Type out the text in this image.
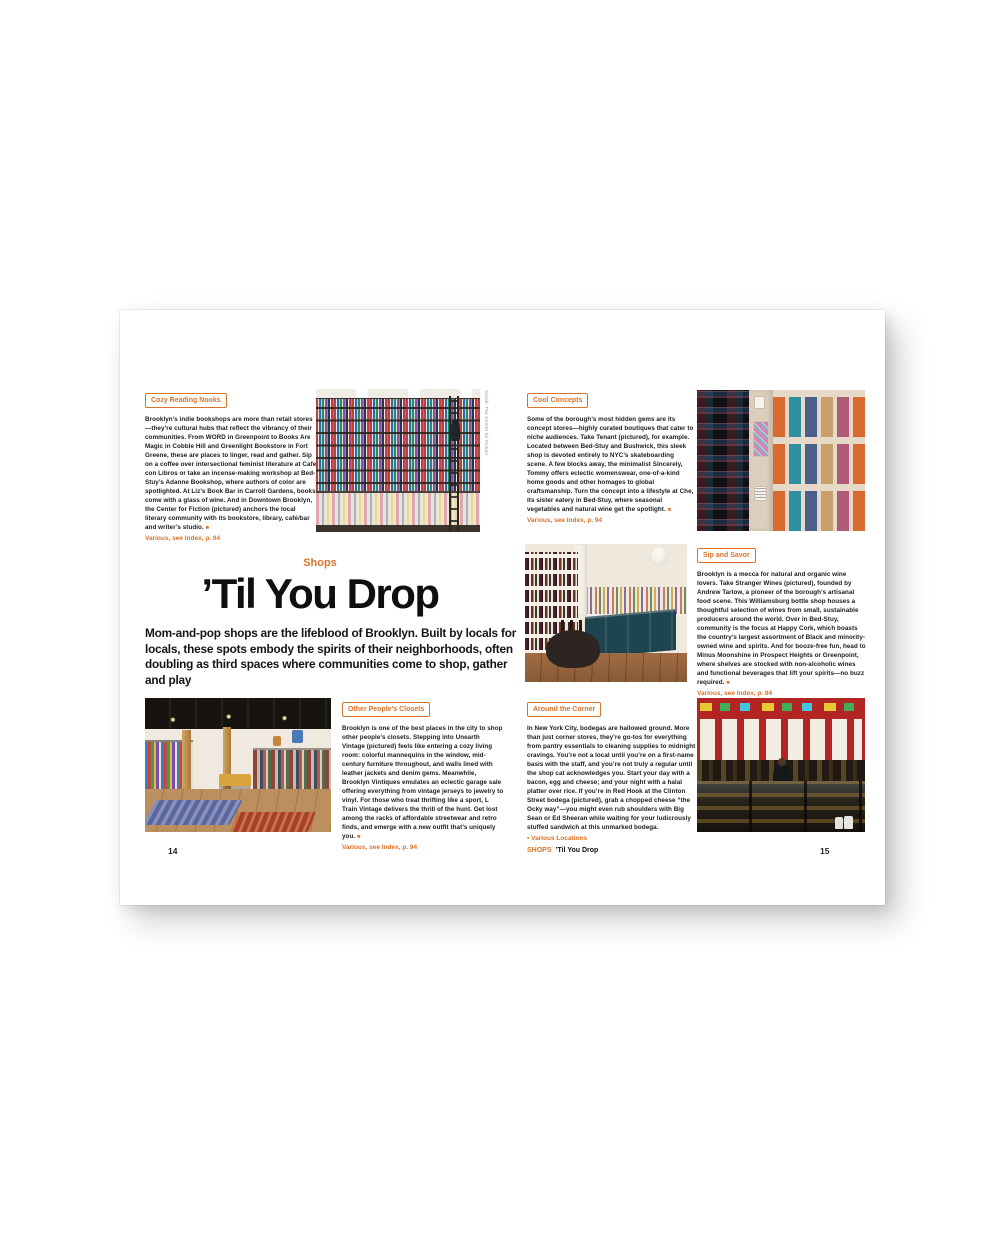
Cozy Reading Nooks

Brooklyn’s indie bookshops are more than retail stores—they’re cultural hubs that reflect the vibrancy of their communities. From WORD in Greenpoint to Books Are Magic in Cobble Hill and Greenlight Bookstore in Fort Greene, these are places to linger, read and gather. Sip on a coffee over intersectional feminist literature at Cafe con Libros or take an incense-making workshop at Bed-Stuy’s Adanne Bookshop, where authors of color are spotlighted. At Liz’s Book Bar in Carroll Gardens, books come with a glass of wine. And in Downtown Brooklyn, the Center for Fiction (pictured) anchors the local literary community with its bookstore, library, café/bar and writer’s studio. ■

Various, see Index, p. 94
Credit: The Center for Fiction
Shops
’Til You Drop

Mom-and-pop shops are the lifeblood of Brooklyn. Built by locals for locals, these spots embody the spirits of their neighborhoods, often doubling as third spaces where communities come to shop, gather and play

Other People's Closets

Brooklyn is one of the best places in the city to shop other people’s closets. Stepping into Unearth Vintage (pictured) feels like entering a cozy living room: colorful mannequins in the window, mid-century furniture throughout, and walls lined with leather jackets and denim gems. Meanwhile, Brooklyn Vintiques emulates an eclectic garage sale offering everything from vintage jerseys to jewelry to vinyl. For those who treat thrifting like a sport, L Train Vintage delivers the thrill of the hunt. Get lost among the racks of affordable streetwear and retro finds, and emerge with a new outfit that’s uniquely you. ■

Various, see Index, p. 94
Cool Concepts

Some of the borough’s most hidden gems are its concept stores—highly curated boutiques that cater to niche audiences. Take Tenant (pictured), for example. Located between Bed-Stuy and Bushwick, this sleek shop is devoted entirely to NYC’s skateboarding scene. A few blocks away, the minimalist Sincerely, Tommy offers eclectic womenswear, one-of-a-kind home goods and other homages to global craftsmanship. Turn the concept into a lifestyle at Che, its sister eatery in Bed-Stuy, where seasonal vegetables and natural wine get the spotlight. ■

Various, see Index, p. 94
Sip and Savor

Brooklyn is a mecca for natural and organic wine lovers. Take Stranger Wines (pictured), founded by Andrew Tarlow, a pioneer of the borough’s artisanal food scene. This Williamsburg bottle shop houses a thoughtful selection of wines from small, sustainable producers around the world. Over in Bed-Stuy, community is the focus at Happy Cork, which boasts the country’s largest assortment of Black and minority-owned wine and spirits. And for booze-free fun, head to Minus Moonshine in Prospect Heights or Greenpoint, where shelves are stocked with non-alcoholic wines and functional beverages that lift your spirits—no buzz required. ■

Various, see Index, p. 94
Around the Corner

In New York City, bodegas are hallowed ground. More than just corner stores, they’re go-tos for everything from pantry essentials to cleaning supplies to midnight cravings. You’re not a local until you’re on a first-name basis with the staff, and you’re not truly a regular until the shop cat acknowledges you. Start your day with a bacon, egg and cheese; and your night with a halal platter over rice. If you’re in Red Hook at the Clinton Street bodega (pictured), grab a chopped cheese “the Ocky way”—you might even rub shoulders with Big Sean or Ed Sheeran while waiting for your ludicrously stuffed sandwich at this unmarked bodega.

▪ Various Locations
14	SHOPS ’Til You Drop	15
